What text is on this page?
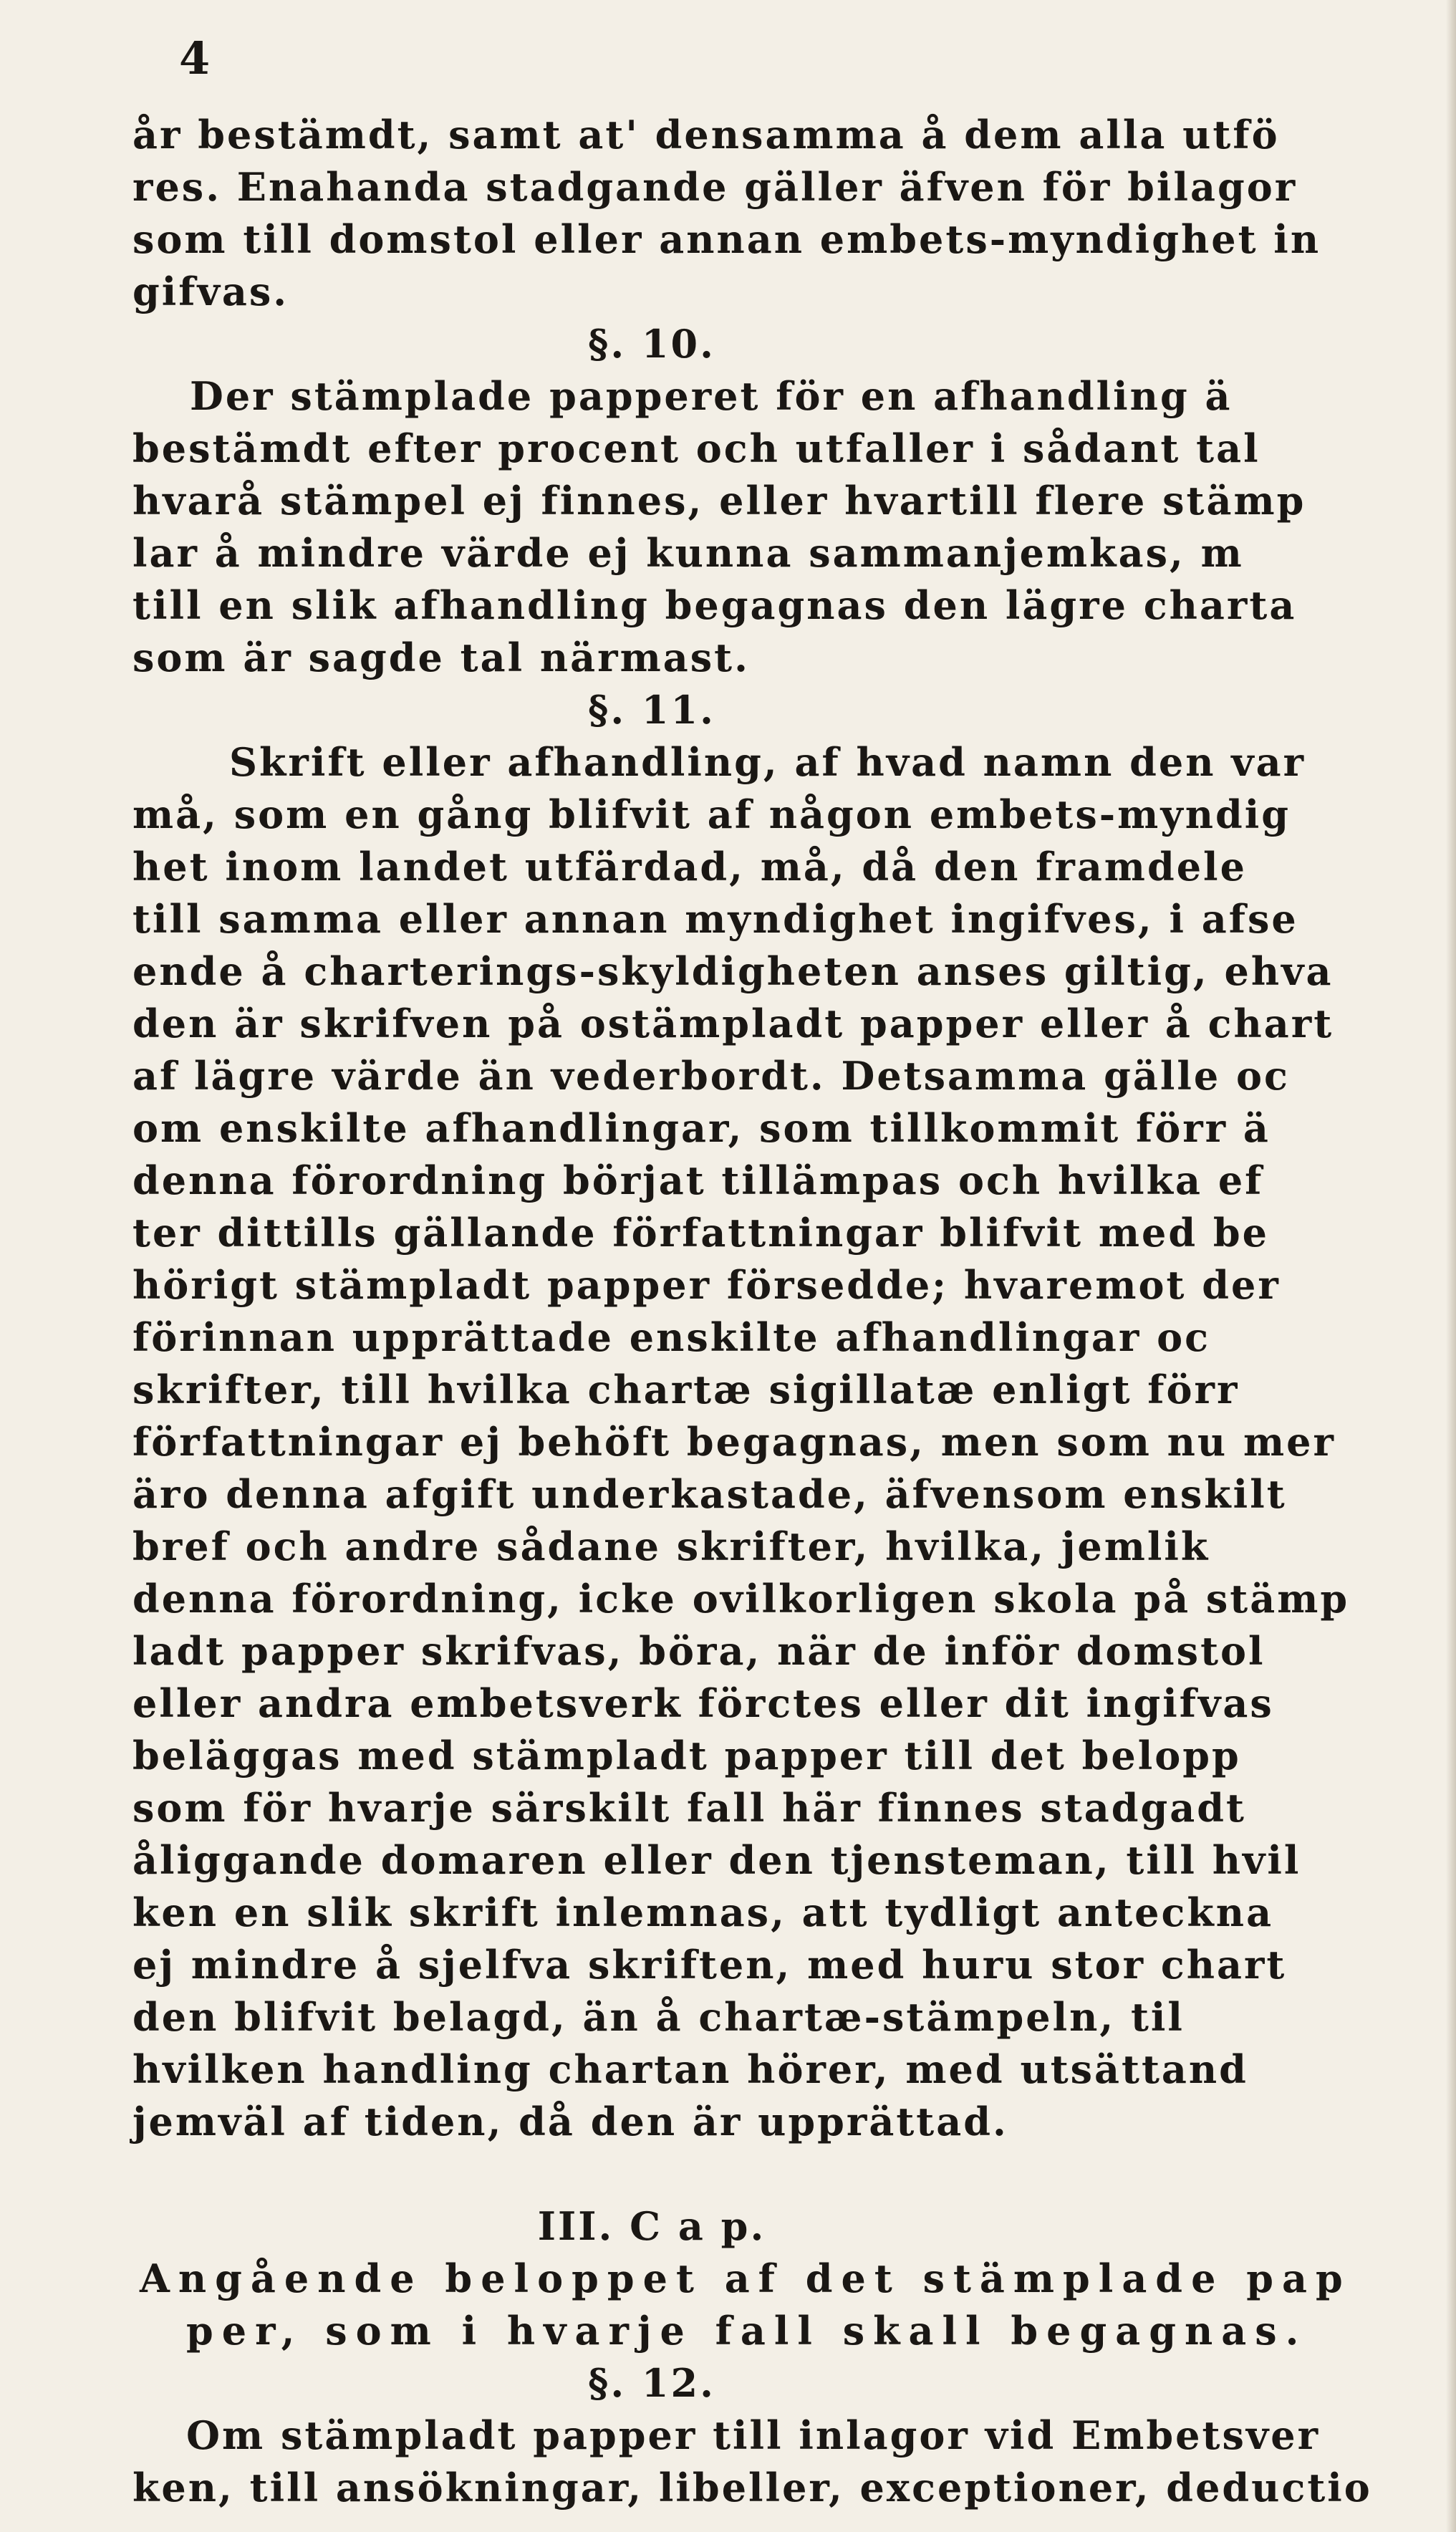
4
år bestämdt, samt at' densamma å dem alla utfö
res. Enahanda stadgande gäller äfven för bilagor
som till domstol eller annan embets-myndighet in
gifvas.
§. 10.
Der stämplade papperet för en afhandling ä
bestämdt efter procent och utfaller i sådant tal
hvarå stämpel ej finnes, eller hvartill flere stämp
lar å mindre värde ej kunna sammanjemkas, m
till en slik afhandling begagnas den lägre charta
som är sagde tal närmast.
§. 11.
Skrift eller afhandling, af hvad namn den var
må, som en gång blifvit af någon embets-myndig
het inom landet utfärdad, må, då den framdele
till samma eller annan myndighet ingifves, i afse
ende å charterings-skyldigheten anses giltig, ehva
den är skrifven på ostämpladt papper eller å chart
af lägre värde än vederbordt. Detsamma gälle oc
om enskilte afhandlingar, som tillkommit förr ä
denna förordning börjat tillämpas och hvilka ef
ter dittills gällande författningar blifvit med be
hörigt stämpladt papper försedde; hvaremot der
förinnan upprättade enskilte afhandlingar oc
skrifter, till hvilka chartæ sigillatæ enligt förr
författningar ej behöft begagnas, men som nu mer
äro denna afgift underkastade, äfvensom enskilt
bref och andre sådane skrifter, hvilka, jemlik
denna förordning, icke ovilkorligen skola på stämp
ladt papper skrifvas, böra, när de inför domstol
eller andra embetsverk förctes eller dit ingifvas
beläggas med stämpladt papper till det belopp
som för hvarje särskilt fall här finnes stadgadt
åliggande domaren eller den tjensteman, till hvil
ken en slik skrift inlemnas, att tydligt antecknа
ej mindre å sjelfva skriften, med huru stor chart
den blifvit belagd, än å chartæ-stämpeln, til
hvilken handling chartan hörer, med utsättand
jemväl af tiden, då den är upprättad.
III. C a p.
Angående beloppet af det stämplade pap
per, som i hvarje fall skall begagnas.
§. 12.
Om stämpladt papper till inlagor vid Embetsver
ken, till ansökningar, libeller, exceptioner, deductio
